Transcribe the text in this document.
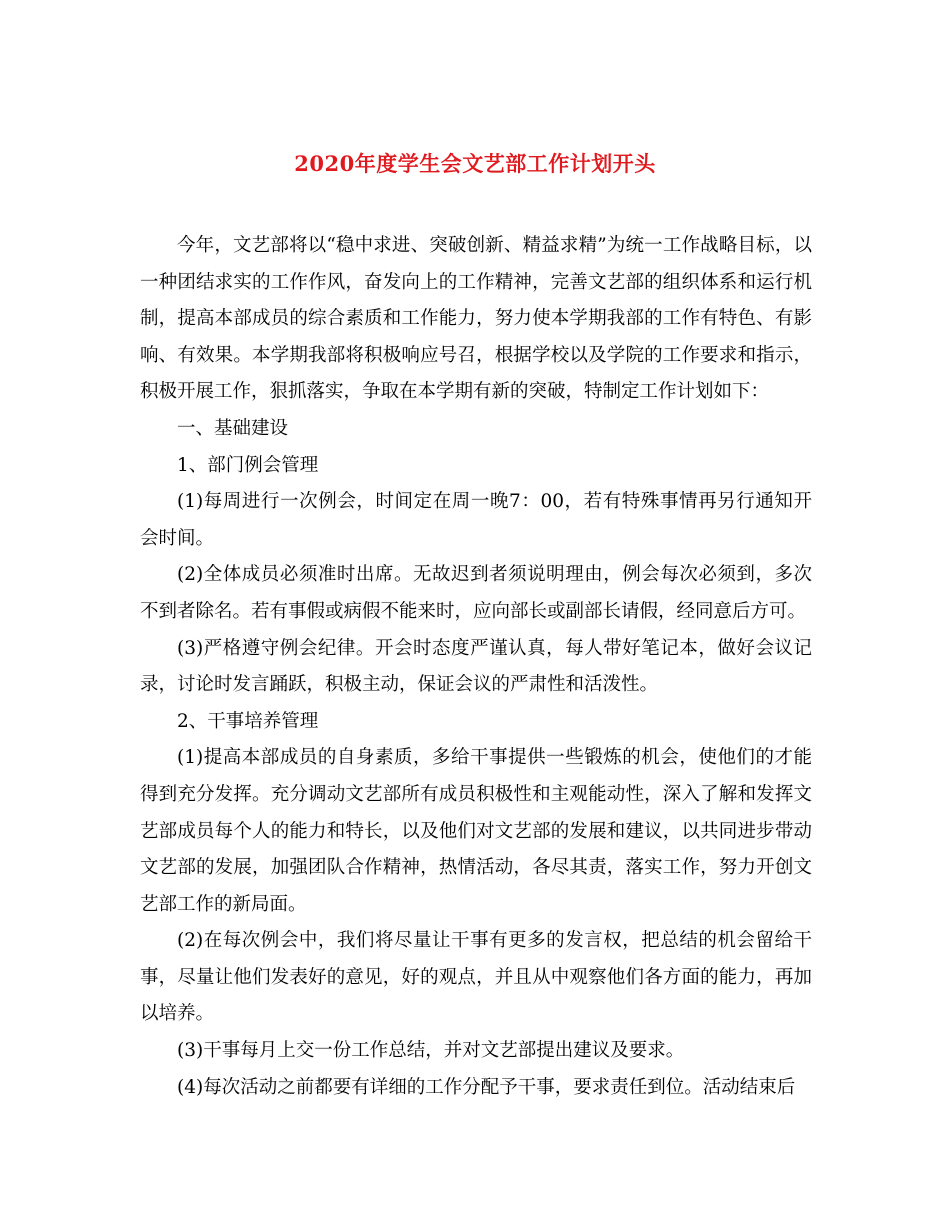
2020年度学生会文艺部工作计划开头

今年，文艺部将以“稳中求进、突破创新、精益求精”为统一工作战略目标，以一种团结求实的工作作风，奋发向上的工作精神，完善文艺部的组织体系和运行机制，提高本部成员的综合素质和工作能力，努力使本学期我部的工作有特色、有影响、有效果。本学期我部将积极响应号召，根据学校以及学院的工作要求和指示，积极开展工作，狠抓落实，争取在本学期有新的突破，特制定工作计划如下：

一、基础建设

1、部门例会管理

(1)每周进行一次例会，时间定在周一晚7：00，若有特殊事情再另行通知开会时间。

(2)全体成员必须准时出席。无故迟到者须说明理由，例会每次必须到，多次不到者除名。若有事假或病假不能来时，应向部长或副部长请假，经同意后方可。

(3)严格遵守例会纪律。开会时态度严谨认真，每人带好笔记本，做好会议记录，讨论时发言踊跃，积极主动，保证会议的严肃性和活泼性。

2、干事培养管理

(1)提高本部成员的自身素质，多给干事提供一些锻炼的机会，使他们的才能得到充分发挥。充分调动文艺部所有成员积极性和主观能动性，深入了解和发挥文艺部成员每个人的能力和特长，以及他们对文艺部的发展和建议，以共同进步带动文艺部的发展，加强团队合作精神，热情活动，各尽其责，落实工作，努力开创文艺部工作的新局面。

(2)在每次例会中，我们将尽量让干事有更多的发言权，把总结的机会留给干事，尽量让他们发表好的意见，好的观点，并且从中观察他们各方面的能力，再加以培养。

(3)干事每月上交一份工作总结，并对文艺部提出建议及要求。

(4)每次活动之前都要有详细的工作分配予干事，要求责任到位。活动结束后
